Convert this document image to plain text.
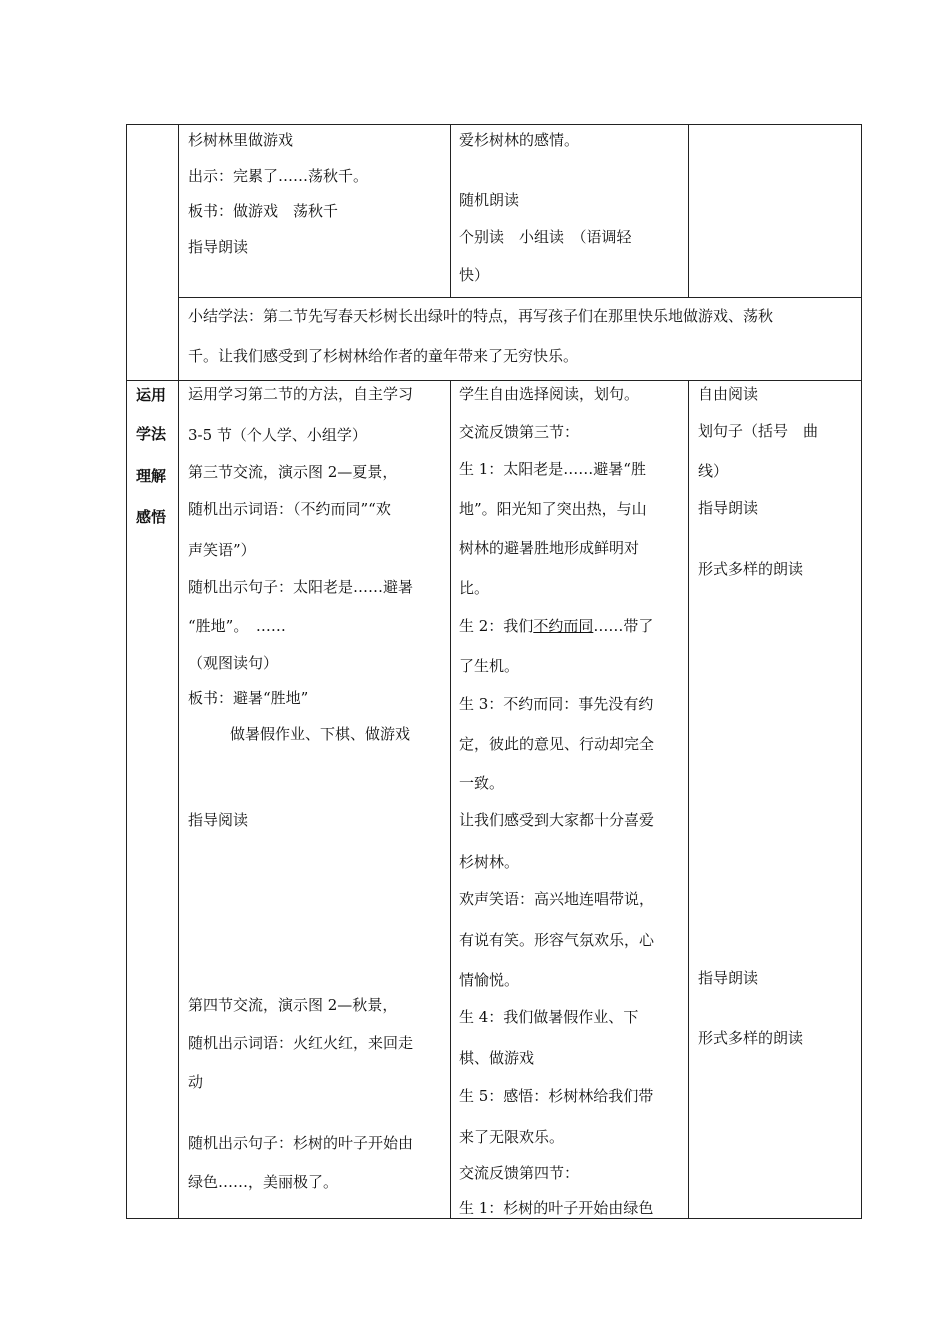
杉树林里做游戏
出示：完累了……荡秋千。
板书：做游戏　荡秋千
指导朗读
爱杉树林的感情。
随机朗读
个别读　小组读　（语调轻
快）
小结学法：第二节先写春天杉树长出绿叶的特点，再写孩子们在那里快乐地做游戏、荡秋
千。让我们感受到了杉树林给作者的童年带来了无穷快乐。
运用
学法
理解
感悟
运用学习第二节的方法，自主学习
3-5 节（个人学、小组学）
第三节交流，演示图 2—夏景，
随机出示词语：（不约而同”“欢
声笑语”）
随机出示句子：太阳老是……避暑
“胜地”。　……
（观图读句）
板书：避暑“胜地”
做暑假作业、下棋、做游戏
指导阅读
第四节交流，演示图 2—秋景，
随机出示词语：火红火红，来回走
动
随机出示句子：杉树的叶子开始由
绿色……，美丽极了。
学生自由选择阅读，划句。
交流反馈第三节：
生 1：太阳老是……避暑“胜
地”。阳光知了突出热，与山
树林的避暑胜地形成鲜明对
比。
生 2：我们不约而同……带了
了生机。
生 3：不约而同：事先没有约
定，彼此的意见、行动却完全
一致。
让我们感受到大家都十分喜爱
杉树林。
欢声笑语：高兴地连唱带说，
有说有笑。形容气氛欢乐，心
情愉悦。
生 4：我们做暑假作业、下
棋、做游戏
生 5：感悟：杉树林给我们带
来了无限欢乐。
交流反馈第四节：
生 1：杉树的叶子开始由绿色
自由阅读
划句子（括号　曲
线）
指导朗读
形式多样的朗读
指导朗读
形式多样的朗读
